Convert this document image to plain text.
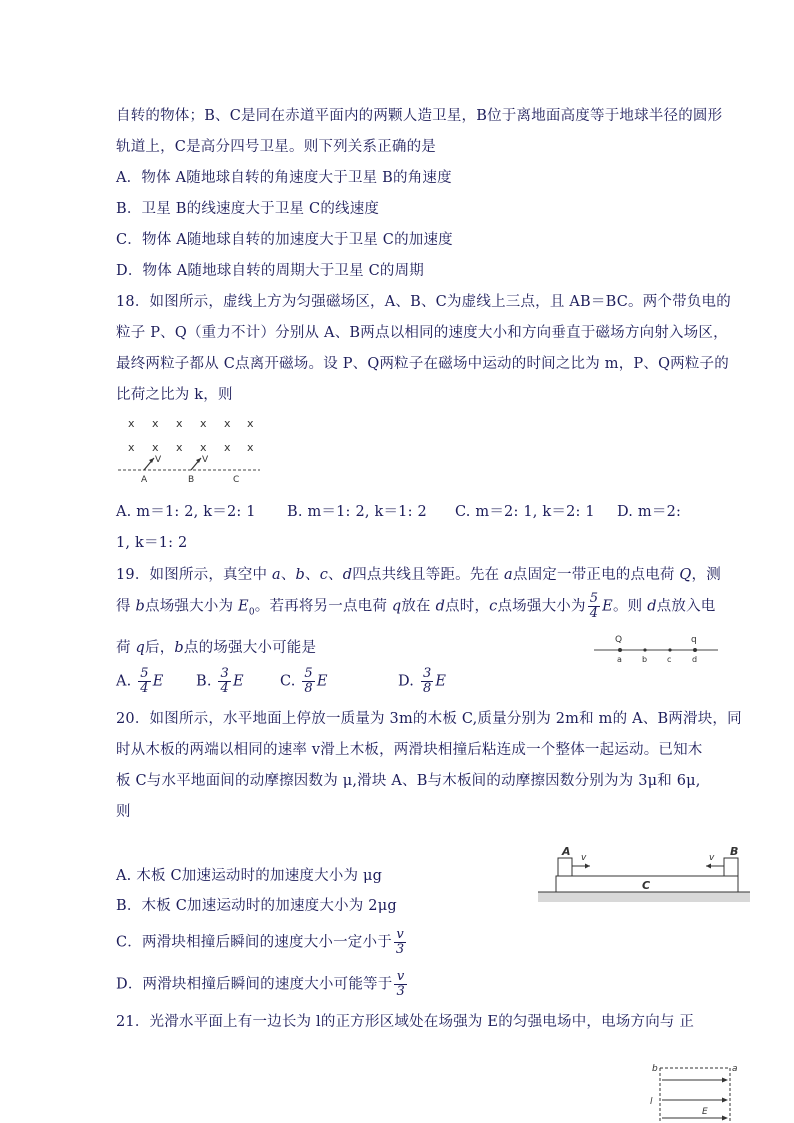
自转的物体；B、C是同在赤道平面内的两颗人造卫星，B位于离地面高度等于地球半径的圆形
轨道上，C是高分四号卫星。则下列关系正确的是
A．物体 A随地球自转的角速度大于卫星 B的角速度
B．卫星 B的线速度大于卫星 C的线速度
C．物体 A随地球自转的加速度大于卫星 C的加速度
D．物体 A随地球自转的周期大于卫星 C的周期
18．如图所示，虚线上方为匀强磁场区，A、B、C为虚线上三点，且 AB＝BC。两个带负电的
粒子 P、Q（重力不计）分别从 A、B两点以相同的速度大小和方向垂直于磁场方向射入场区，
最终两粒子都从 C点离开磁场。设 P、Q两粒子在磁场中运动的时间之比为 m，P、Q两粒子的
比荷之比为 k，则
x x x x x x
x x x x x x
V	V
A	B	C
A. m＝1: 2, k＝2: 1 B. m＝1: 2, k＝1: 2 C. m＝2: 1, k＝2: 1 D. m＝2:
1, k＝1: 2
19．如图所示，真空中 a、b、c、d四点共线且等距。先在 a点固定一带正电的点电荷 Q，测
得 b点场强大小为 $E_0$。若再将另一点电荷 q放在 d点时，c点场强大小为 $\frac{5}{4}$ E。则 d点放入电
荷 q后，b点的场强大小可能是	Q	q
a	b c	d
A. $\frac{5}{4}$ E B. $\frac{3}{4}$ E C. $\frac{5}{8}$ E	D. $\frac{3}{8}$ E
20．如图所示，水平地面上停放一质量为 3m的木板 C,质量分别为 2m和 m的 A、B两滑块，同
时从木板的两端以相同的速率 v滑上木板，两滑块相撞后粘连成一个整体一起运动。已知木
板 C与水平地面间的动摩擦因数为 μ,滑块 A、B与木板间的动摩擦因数分别为为 3μ和 6μ,
则
C
A v	B
v
A. 木板 C加速运动时的加速度大小为 μg
B．木板 C加速运动时的加速度大小为 2μg
C．两滑块相撞后瞬间的速度大小一定小于 $\frac{v}{3}$
D．两滑块相撞后瞬间的速度大小可能等于 $\frac{v}{3}$
21．光滑水平面上有一边长为 l的正方形区域处在场强为 E的匀强电场中，电场方向与 正
b	a
l
E
